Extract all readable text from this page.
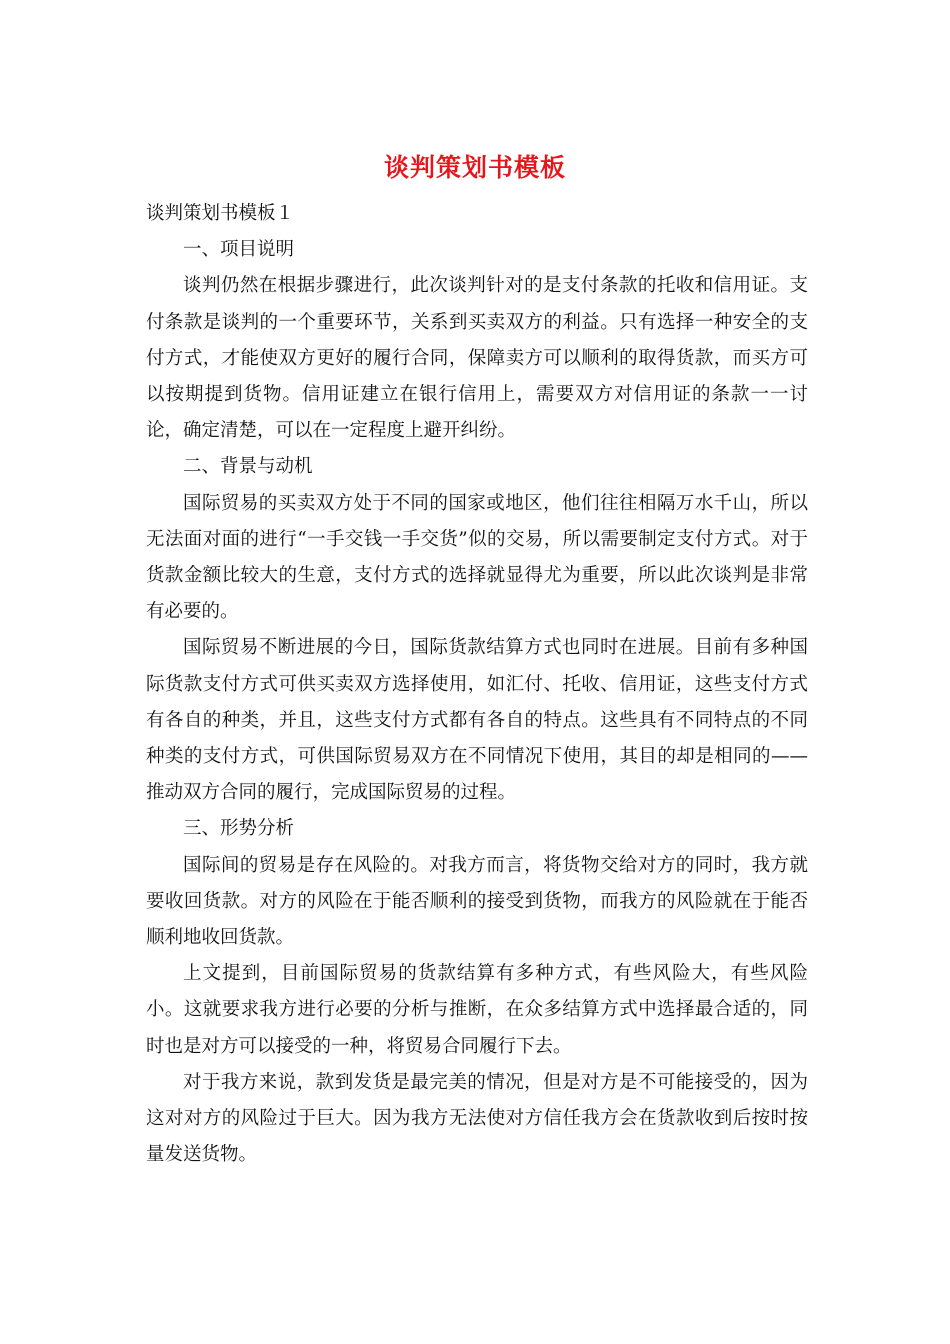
谈判策划书模板

谈判策划书模板１

一、项目说明

谈判仍然在根据步骤进行，此次谈判针对的是支付条款的托收和信用证。支付条款是谈判的一个重要环节，关系到买卖双方的利益。只有选择一种安全的支付方式，才能使双方更好的履行合同，保障卖方可以顺利的取得货款，而买方可以按期提到货物。信用证建立在银行信用上，需要双方对信用证的条款一一讨论，确定清楚，可以在一定程度上避开纠纷。

二、背景与动机

国际贸易的买卖双方处于不同的国家或地区，他们往往相隔万水千山，所以无法面对面的进行“一手交钱一手交货”似的交易，所以需要制定支付方式。对于货款金额比较大的生意，支付方式的选择就显得尤为重要，所以此次谈判是非常有必要的。

国际贸易不断进展的今日，国际货款结算方式也同时在进展。目前有多种国际货款支付方式可供买卖双方选择使用，如汇付、托收、信用证，这些支付方式有各自的种类，并且，这些支付方式都有各自的特点。这些具有不同特点的不同种类的支付方式，可供国际贸易双方在不同情况下使用，其目的却是相同的——推动双方合同的履行，完成国际贸易的过程。

三、形势分析

国际间的贸易是存在风险的。对我方而言，将货物交给对方的同时，我方就要收回货款。对方的风险在于能否顺利的接受到货物，而我方的风险就在于能否顺利地收回货款。

上文提到，目前国际贸易的货款结算有多种方式，有些风险大，有些风险小。这就要求我方进行必要的分析与推断，在众多结算方式中选择最合适的，同时也是对方可以接受的一种，将贸易合同履行下去。

对于我方来说，款到发货是最完美的情况，但是对方是不可能接受的，因为这对对方的风险过于巨大。因为我方无法使对方信任我方会在货款收到后按时按量发送货物。
